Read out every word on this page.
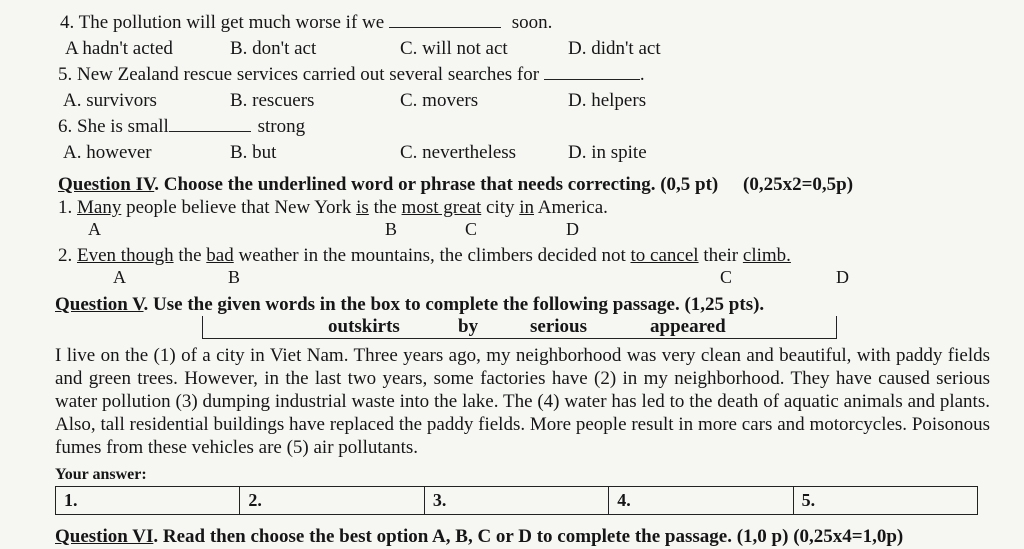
4. The pollution will get much worse if we	soon.
A hadn't acted	B. don't act	C. will not act	D. didn't act
5. New Zealand rescue services carried out several searches for	.
A. survivors	B. rescuers	C. movers	D. helpers
6. She is small	strong
A. however	B. but	C. nevertheless	D. in spite
Question IV. Choose the underlined word or phrase that needs correcting. (0,5 pt) (0,25x2=0,5p)
1. Many people believe that New York is the most great city in America.
A	B	C	D
2. Even though the bad weather in the mountains, the climbers decided not to cancel their climb.
A	B	C	D
Question V. Use the given words in the box to complete the following passage. (1,25 pts).
outskirts	by	serious	appeared

I live on the (1) of a city in Viet Nam. Three years ago, my neighborhood was very clean and beautiful, with paddy fields and green trees. However, in the last two years, some factories have (2) in my neighborhood. They have caused serious water pollution (3) dumping industrial waste into the lake. The (4) water has led to the death of aquatic animals and plants. Also, tall residential buildings have replaced the paddy fields. More people result in more cars and motorcycles. Poisonous fumes from these vehicles are (5) air pollutants.

Your answer:
1.	2.	3.	4.	5.
Question VI. Read then choose the best option A, B, C or D to complete the passage. (1,0 p) (0,25x4=1,0p)
